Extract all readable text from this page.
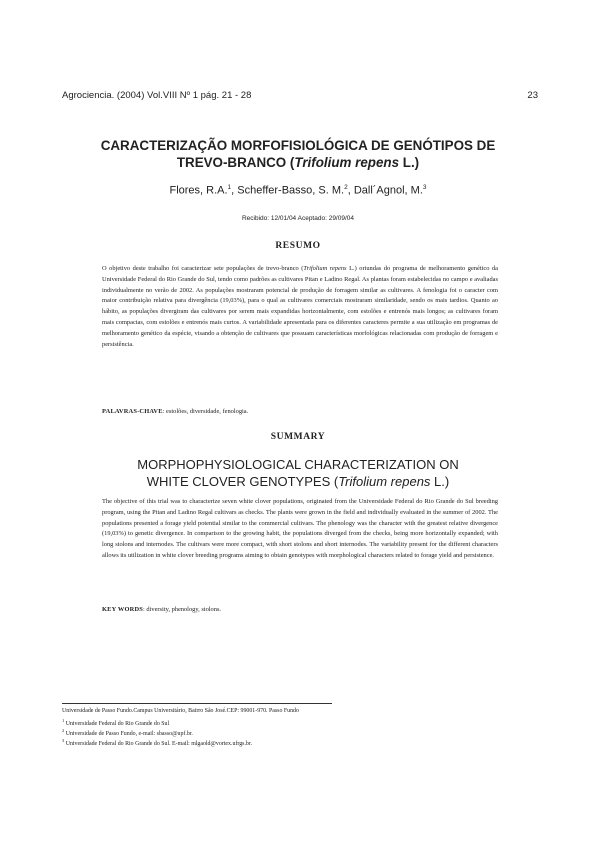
Agrociencia. (2004) Vol.VIII Nº 1 pág. 21 - 28	23
CARACTERIZAÇÃO MORFOFISIOLÓGICA DE GENÓTIPOS DE
TREVO-BRANCO (Trifolium repens L.)
Flores, R.A.$^1$, Scheffer-Basso, S. M.$^2$, Dall´Agnol, M.$^3$
Recibido: 12/01/04 Aceptado: 29/09/04
RESUMO
O objetivo deste trabalho foi caracterizar sete populações de trevo-branco (Trifolium repens L.) oriundas do programa de melhoramento genético da Universidade Federal do Rio Grande do Sul, tendo como padrões as cultivares Pitan e Ladino Regal. As plantas foram estabelecidas no campo e avaliadas individualmente no verão de 2002. As populações mostraram potencial de produção de forragem similar as cultivares. A fenologia foi o caracter com maior contribuição relativa para divergência (19,03%), para o qual as cultivares comerciais mostraram similaridade, sendo os mais tardios. Quanto ao hábito, as populações divergiram das cultivares por serem mais expandidas horizontalmente, com estolões e entrenós mais longos; as cultivares foram mais compactas, com estolões e entrenós mais curtos. A variabilidade apresentada para os diferentes caracteres permite a sua utilização em programas de melhoramento genético da espécie, visando a obtenção de cultivares que possuam características morfológicas relacionadas com produção de forragem e persistência.
PALAVRAS-CHAVE: estolões, diversidade, fenologia.
SUMMARY
MORPHOPHYSIOLOGICAL CHARACTERIZATION ON
WHITE CLOVER GENOTYPES (Trifolium repens L.)
The objective of this trial was to characterize seven white clover populations, originated from the Universidade Federal do Rio Grande do Sul breeding program, using the Pitan and Ladino Regal cultivars as checks. The plants were grown in the field and individually evaluated in the summer of 2002. The populations presented a forage yield potential similar to the commercial cultivars. The phenology was the character with the greatest relative divergence (19,03%) to genetic divergence. In comparison to the growing habit, the populations diverged from the checks, being more horizontally expanded; with long stolons and internodes. The cultivars were more compact, with short stolons and short internodes. The variability present for the different characters allows its utilization in white clover breeding programs aiming to obtain genotypes with morphological characters related to forage yield and persistence.
KEY WORDS: diversity, phenology, stolons.
Universidade de Passo Fundo.Campus Universitário, Bairro São José.CEP: 99001-970. Passo Fundo
$^1$ Universidade Federal do Rio Grande do Sul
$^2$ Universidade de Passo Fundo, e-mail: sbasso@upf.br.
$^3$ Universidade Federal do Rio Grande do Sul. E-mail: mlgaold@vortex.ufrgs.br.
